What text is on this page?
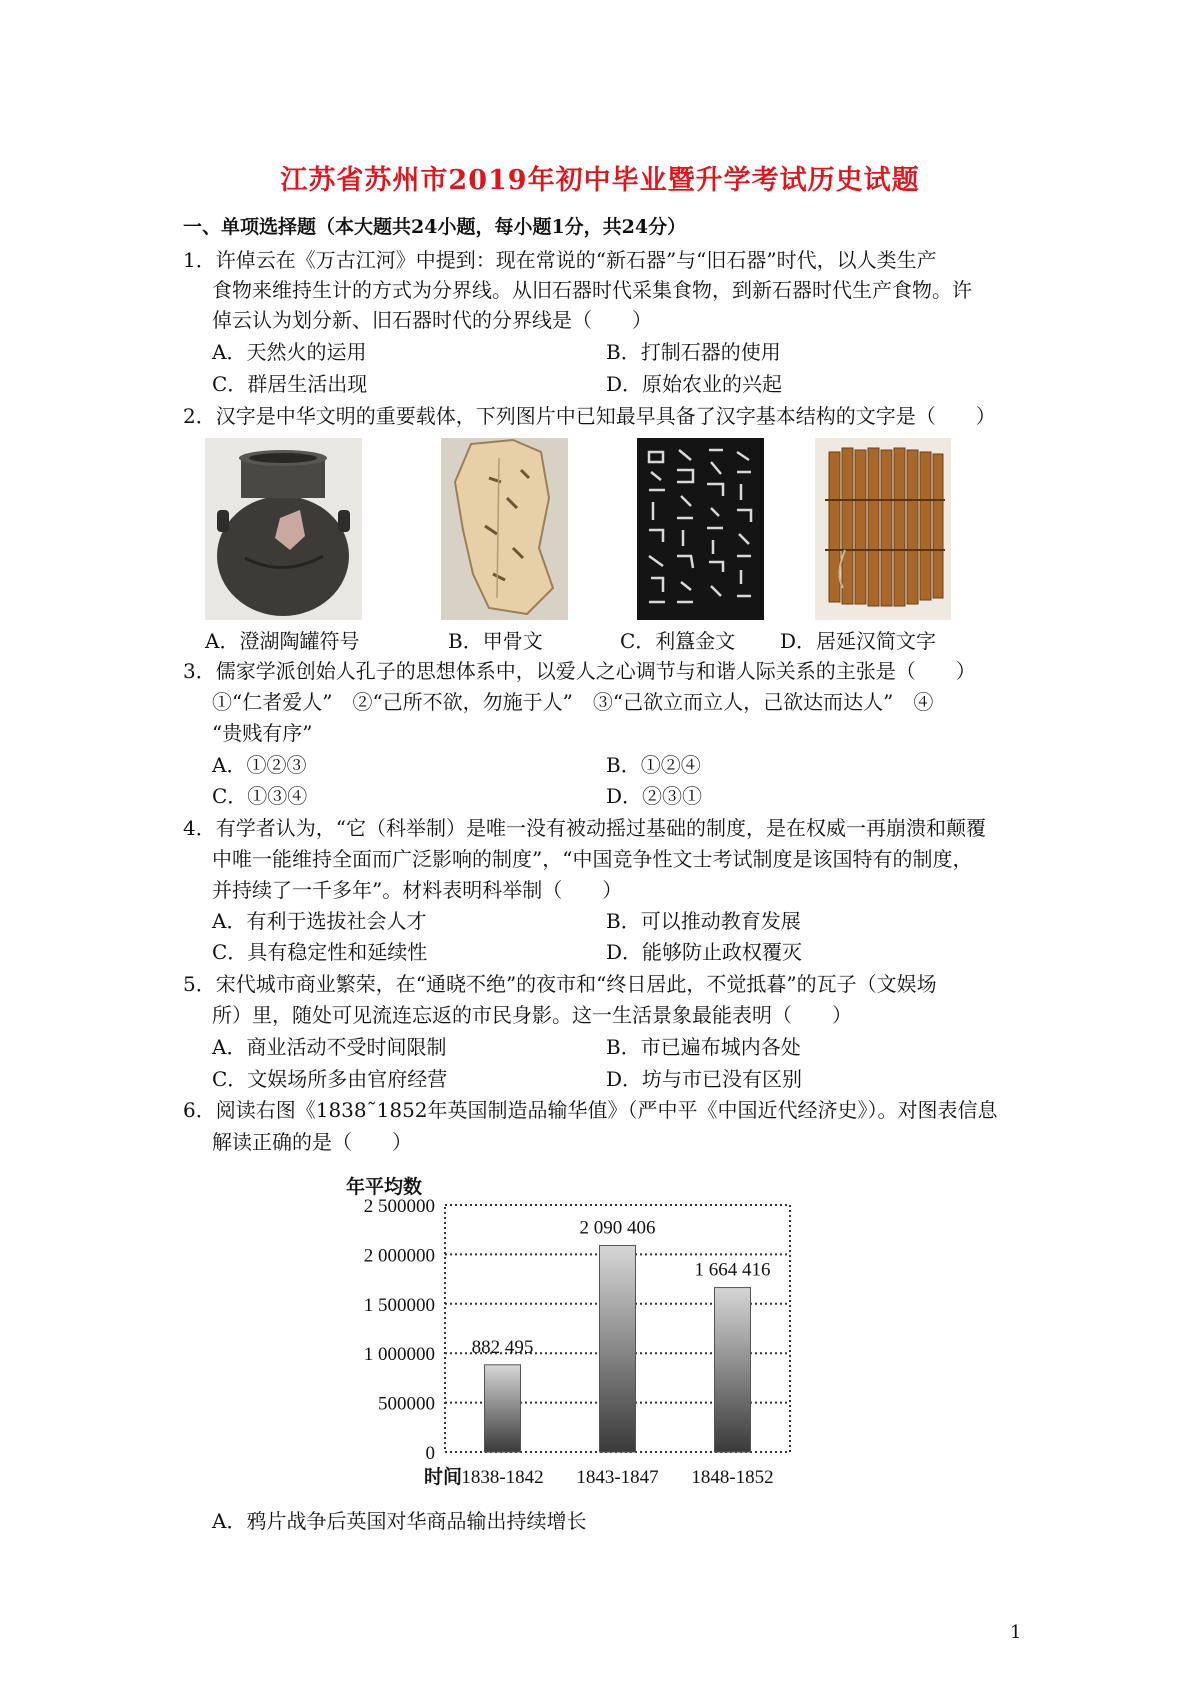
江苏省苏州市2019年初中毕业暨升学考试历史试题
一、单项选择题（本大题共24小题，每小题1分，共24分）
1．许倬云在《万古江河》中提到：现在常说的“新石器”与“旧石器”时代，以人类生产
食物来维持生计的方式为分界线。从旧石器时代采集食物，到新石器时代生产食物。许
倬云认为划分新、旧石器时代的分界线是（　　）
A．天然火的运用	B．打制石器的使用
C．群居生活出现	D．原始农业的兴起
2．汉字是中华文明的重要载体，下列图片中已知最早具备了汉字基本结构的文字是（　　）
A．澄湖陶罐符号	B．甲骨文	C．利簋金文 D．居延汉简文字
3．儒家学派创始人孔子的思想体系中，以爱人之心调节与和谐人际关系的主张是（　　）
①“仁者爱人”　②“己所不欲，勿施于人”　③“己欲立而立人，己欲达而达人”　④
“贵贱有序”
A．①②③	B．①②④
C．①③④	D．②③①
4．有学者认为，“它（科举制）是唯一没有被动摇过基础的制度，是在权威一再崩溃和颠覆
中唯一能维持全面而广泛影响的制度”，“中国竞争性文士考试制度是该国特有的制度，
并持续了一千多年”。材料表明科举制（　　）
A．有利于选拔社会人才	B．可以推动教育发展
C．具有稳定性和延续性	D．能够防止政权覆灭
5．宋代城市商业繁荣，在“通晓不绝”的夜市和“终日居此，不觉抵暮”的瓦子（文娱场
所）里，随处可见流连忘返的市民身影。这一生活景象最能表明（　　）
A．商业活动不受时间限制	B．市已遍布城内各处
C．文娱场所多由官府经营	D．坊与市已没有区别
6．阅读右图《1838˜1852年英国制造品输华值》（严中平《中国近代经济史》）。对图表信息
解读正确的是（　　）
年平均数
0
500000
1 000000
1 500000
2 000000
2 500000
882 495
2 090 406
1 664 416
1838-1842 1843-1847 1848-1852
时间
A．鸦片战争后英国对华商品输出持续增长
1
